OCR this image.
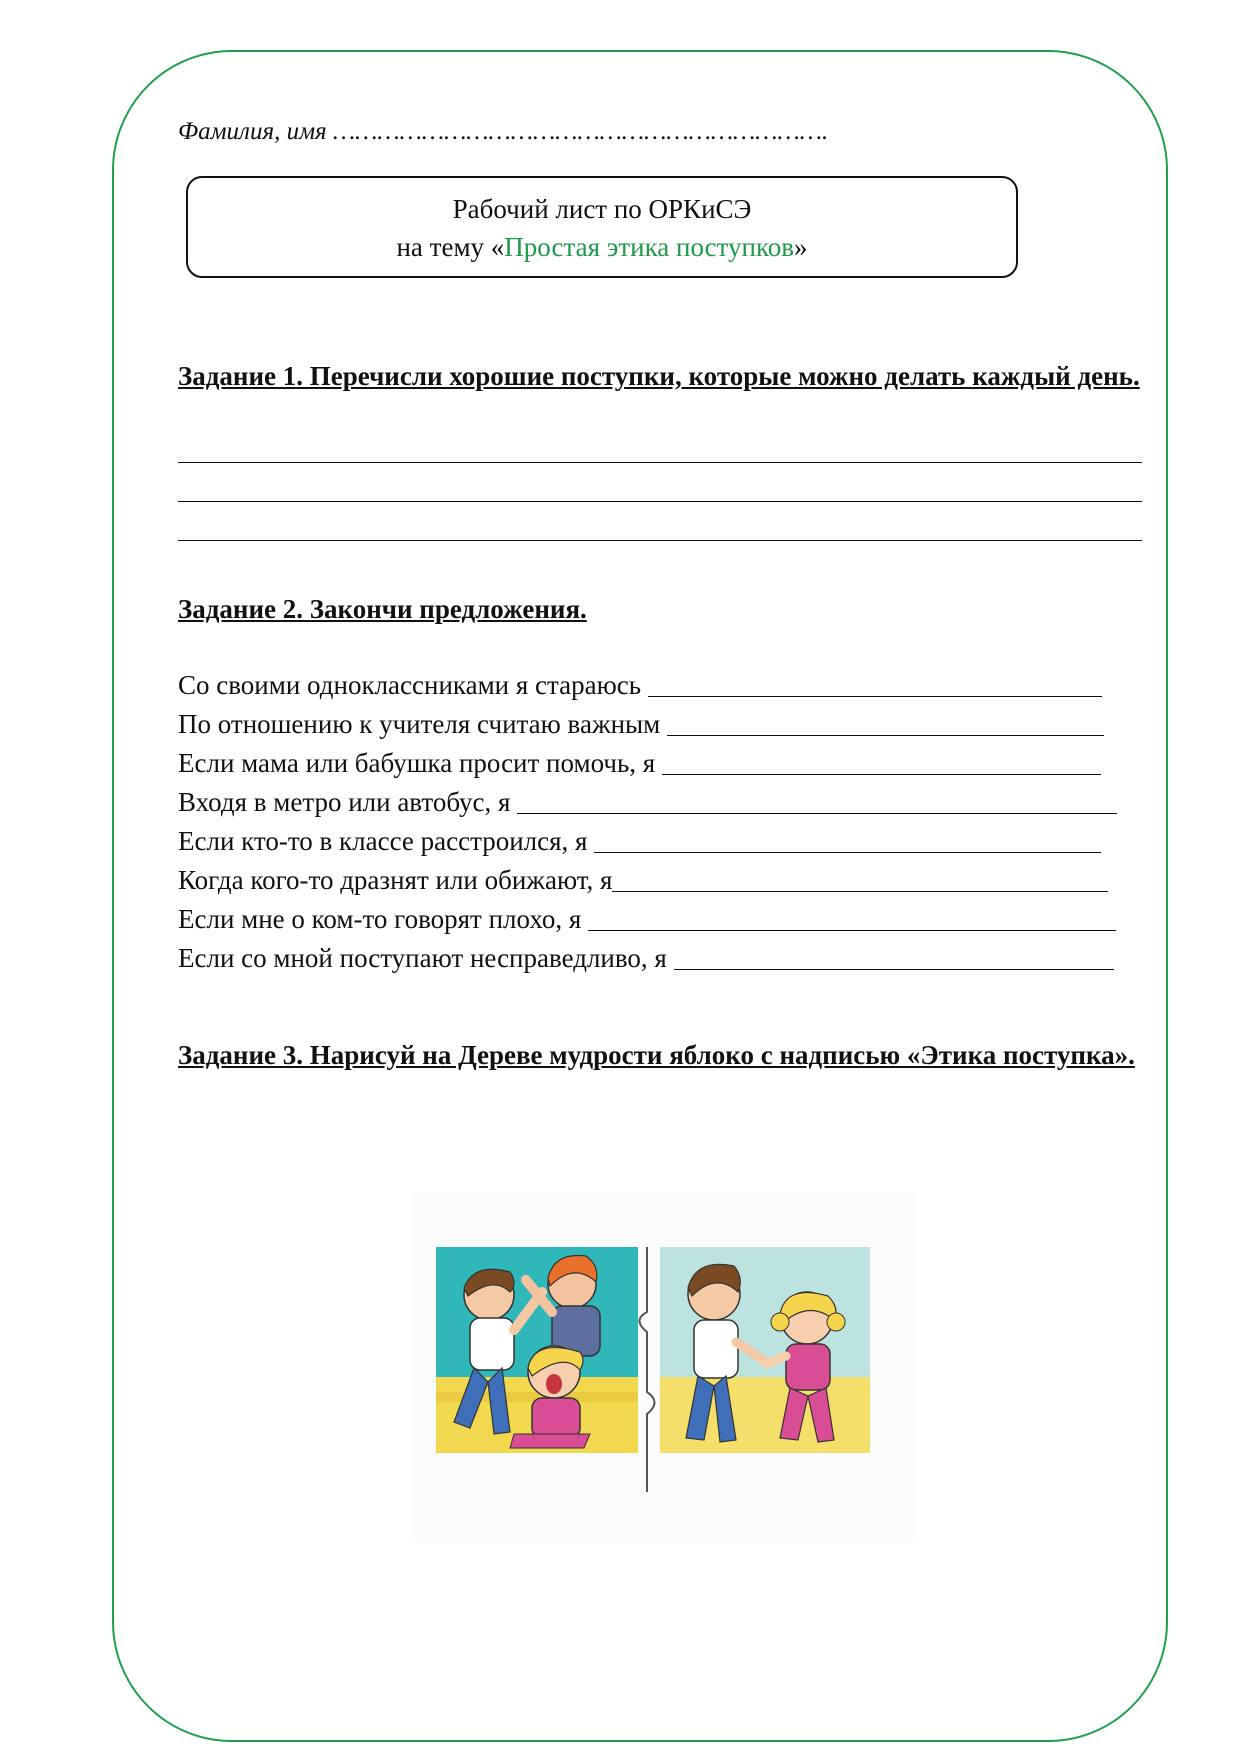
Фамилия, имя ………………………………………………………….
Рабочий лист по ОРКиСЭ
на тему «Простая этика поступков»
Задание 1. Перечисли хорошие поступки, которые можно делать каждый день.
Задание 2. Закончи предложения.
Со своими одноклассниками я стараюсь
По отношению к учителя считаю важным
Если мама или бабушка просит помочь, я
Входя в метро или автобус, я
Если кто-то в классе расстроился, я
Когда кого-то дразнят или обижают, я
Если мне о ком-то говорят плохо, я
Если со мной поступают несправедливо, я
Задание 3. Нарисуй на Дереве мудрости яблоко с надписью «Этика поступка».
